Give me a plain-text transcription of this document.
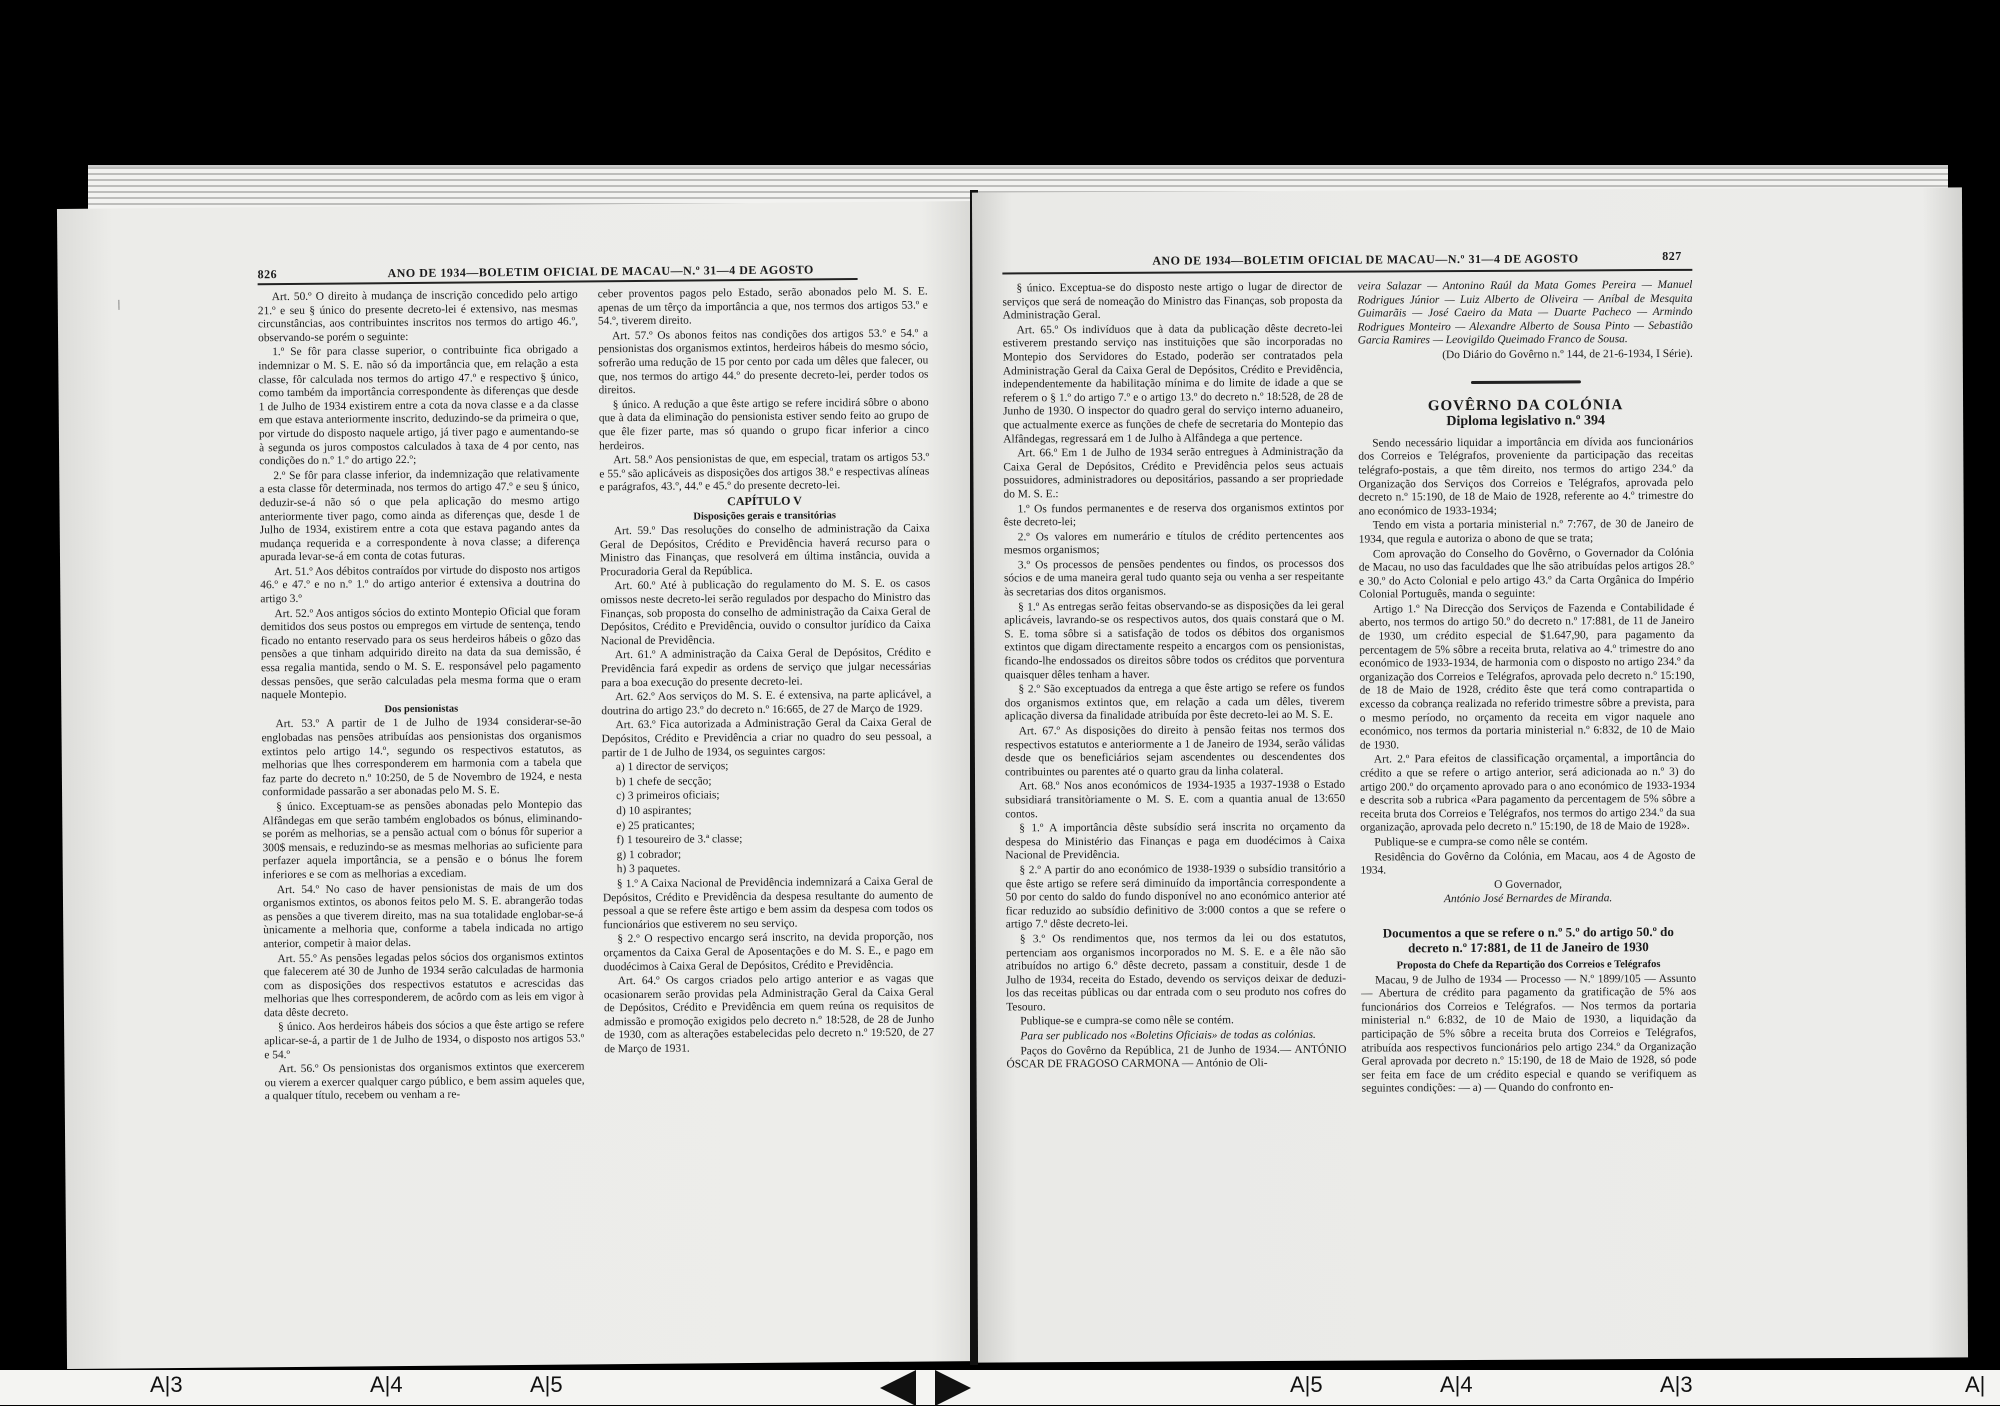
826	ANO DE 1934—BOLETIM OFICIAL DE MACAU—N.º 31—4 DE AGOSTO
|

Art. 50.º O direito à mudança de inscrição concedido pelo artigo 21.º e seu § único do presente decreto-lei é extensivo, nas mesmas circunstâncias, aos contribuintes inscritos nos termos do artigo 46.º, observando-se porém o seguinte:

1.º Se fôr para classe superior, o contribuinte fica obrigado a indemnizar o M. S. E. não só da importância que, em relação a esta classe, fôr calculada nos termos do artigo 47.º e respectivo § único, como também da importância correspondente às diferenças que desde 1 de Julho de 1934 existirem entre a cota da nova classe e a da classe em que estava anteriormente inscrito, deduzindo-se da primeira o que, por virtude do disposto naquele artigo, já tiver pago e aumentando-se à segunda os juros compostos calculados à taxa de 4 por cento, nas condições do n.º 1.º do artigo 22.º;

2.º Se fôr para classe inferior, da indemnização que relativamente a esta classe fôr determinada, nos termos do artigo 47.º e seu § único, deduzir-se-á não só o que pela aplicação do mesmo artigo anteriormente tiver pago, como ainda as diferenças que, desde 1 de Julho de 1934, existirem entre a cota que estava pagando antes da mudança requerida e a correspondente à nova classe; a diferença apurada levar-se-á em conta de cotas futuras.

Art. 51.º Aos débitos contraídos por virtude do disposto nos artigos 46.º e 47.º e no n.º 1.º do artigo anterior é extensiva a doutrina do artigo 3.º

Art. 52.º Aos antigos sócios do extinto Montepio Oficial que foram demitidos dos seus postos ou empregos em virtude de sentença, tendo ficado no entanto reservado para os seus herdeiros hábeis o gôzo das pensões a que tinham adquirido direito na data da sua demissão, é essa regalia mantida, sendo o M. S. E. responsável pelo pagamento dessas pensões, que serão calculadas pela mesma forma que o eram naquele Montepio.

Dos pensionistas

Art. 53.º A partir de 1 de Julho de 1934 considerar-se-ão englobadas nas pensões atribuídas aos pensionistas dos organismos extintos pelo artigo 14.º, segundo os respectivos estatutos, as melhorias que lhes corresponderem em harmonia com a tabela que faz parte do decreto n.º 10:250, de 5 de Novembro de 1924, e nesta conformidade passarão a ser abonadas pelo M. S. E.

§ único. Exceptuam-se as pensões abonadas pelo Montepio das Alfândegas em que serão também englobados os bónus, eliminando-se porém as melhorias, se a pensão actual com o bónus fôr superior a 300$ mensais, e reduzindo-se as mesmas melhorias ao suficiente para perfazer aquela importância, se a pensão e o bónus lhe forem inferiores e se com as melhorias a excediam.

Art. 54.º No caso de haver pensionistas de mais de um dos organismos extintos, os abonos feitos pelo M. S. E. abrangerão todas as pensões a que tiverem direito, mas na sua totalidade englobar-se-á ùnicamente a melhoria que, conforme a tabela indicada no artigo anterior, competir à maior delas.

Art. 55.º As pensões legadas pelos sócios dos organismos extintos que falecerem até 30 de Junho de 1934 serão calculadas de harmonia com as disposições dos respectivos estatutos e acrescidas das melhorias que lhes corresponderem, de acôrdo com as leis em vigor à data dêste decreto.

§ único. Aos herdeiros hábeis dos sócios a que êste artigo se refere aplicar-se-á, a partir de 1 de Julho de 1934, o disposto nos artigos 53.º e 54.º

Art. 56.º Os pensionistas dos organismos extintos que exercerem ou vierem a exercer qualquer cargo público, e bem assim aqueles que, a qualquer título, recebem ou venham a re-

ceber proventos pagos pelo Estado, serão abonados pelo M. S. E. apenas de um têrço da importância a que, nos termos dos artigos 53.º e 54.º, tiverem direito.

Art. 57.º Os abonos feitos nas condições dos artigos 53.º e 54.º a pensionistas dos organismos extintos, herdeiros hábeis do mesmo sócio, sofrerão uma redução de 15 por cento por cada um dêles que falecer, ou que, nos termos do artigo 44.º do presente decreto-lei, perder todos os direitos.

§ único. A redução a que êste artigo se refere incidirá sôbre o abono que à data da eliminação do pensionista estiver sendo feito ao grupo de que êle fizer parte, mas só quando o grupo ficar inferior a cinco herdeiros.

Art. 58.º Aos pensionistas de que, em especial, tratam os artigos 53.º e 55.º são aplicáveis as disposições dos artigos 38.º e respectivas alíneas e parágrafos, 43.º, 44.º e 45.º do presente decreto-lei.

CAPÍTULO V

Disposições gerais e transitórias

Art. 59.º Das resoluções do conselho de administração da Caixa Geral de Depósitos, Crédito e Previdência haverá recurso para o Ministro das Finanças, que resolverá em última instância, ouvida a Procuradoria Geral da República.

Art. 60.º Até à publicação do regulamento do M. S. E. os casos omissos neste decreto-lei serão regulados por despacho do Ministro das Finanças, sob proposta do conselho de administração da Caixa Geral de Depósitos, Crédito e Previdência, ouvido o consultor jurídico da Caixa Nacional de Previdência.

Art. 61.º A administração da Caixa Geral de Depósitos, Crédito e Previdência fará expedir as ordens de serviço que julgar necessárias para a boa execução do presente decreto-lei.

Art. 62.º Aos serviços do M. S. E. é extensiva, na parte aplicável, a doutrina do artigo 23.º do decreto n.º 16:665, de 27 de Março de 1929.

Art. 63.º Fica autorizada a Administração Geral da Caixa Geral de Depósitos, Crédito e Previdência a criar no quadro do seu pessoal, a partir de 1 de Julho de 1934, os seguintes cargos:

a) 1 director de serviços;

b) 1 chefe de secção;

c) 3 primeiros oficiais;

d) 10 aspirantes;

e) 25 praticantes;

f) 1 tesoureiro de 3.ª classe;

g) 1 cobrador;

h) 3 paquetes.

§ 1.º A Caixa Nacional de Previdência indemnizará a Caixa Geral de Depósitos, Crédito e Previdência da despesa resultante do aumento de pessoal a que se refere êste artigo e bem assim da despesa com todos os funcionários que estiverem no seu serviço.

§ 2.º O respectivo encargo será inscrito, na devida proporção, nos orçamentos da Caixa Geral de Aposentações e do M. S. E., e pago em duodécimos à Caixa Geral de Depósitos, Crédito e Previdência.

Art. 64.º Os cargos criados pelo artigo anterior e as vagas que ocasionarem serão providas pela Administração Geral da Caixa Geral de Depósitos, Crédito e Previdência em quem reúna os requisitos de admissão e promoção exigidos pelo decreto n.º 18:528, de 28 de Junho de 1930, com as alterações estabelecidas pelo decreto n.º 19:520, de 27 de Março de 1931.

ANO DE 1934—BOLETIM OFICIAL DE MACAU—N.º 31—4 DE AGOSTO	827

§ único. Exceptua-se do disposto neste artigo o lugar de director de serviços que será de nomeação do Ministro das Finanças, sob proposta da Administração Geral.

Art. 65.º Os indivíduos que à data da publicação dêste decreto-lei estiverem prestando serviço nas instituições que são incorporadas no Montepio dos Servidores do Estado, poderão ser contratados pela Administração Geral da Caixa Geral de Depósitos, Crédito e Previdência, independentemente da habilitação mínima e do limite de idade a que se referem o § 1.º do artigo 7.º e o artigo 13.º do decreto n.º 18:528, de 28 de Junho de 1930. O inspector do quadro geral do serviço interno aduaneiro, que actualmente exerce as funções de chefe de secretaria do Montepio das Alfândegas, regressará em 1 de Julho à Alfândega a que pertence.

Art. 66.º Em 1 de Julho de 1934 serão entregues à Administração da Caixa Geral de Depósitos, Crédito e Previdência pelos seus actuais possuidores, administradores ou depositários, passando a ser propriedade do M. S. E.:

1.º Os fundos permanentes e de reserva dos organismos extintos por êste decreto-lei;

2.º Os valores em numerário e títulos de crédito pertencentes aos mesmos organismos;

3.º Os processos de pensões pendentes ou findos, os processos dos sócios e de uma maneira geral tudo quanto seja ou venha a ser respeitante às secretarias dos ditos organismos.

§ 1.º As entregas serão feitas observando-se as disposições da lei geral aplicáveis, lavrando-se os respectivos autos, dos quais constará que o M. S. E. toma sôbre si a satisfação de todos os débitos dos organismos extintos que digam directamente respeito a encargos com os pensionistas, ficando-lhe endossados os direitos sôbre todos os créditos que porventura quaisquer dêles tenham a haver.

§ 2.º São exceptuados da entrega a que êste artigo se refere os fundos dos organismos extintos que, em relação a cada um dêles, tiverem aplicação diversa da finalidade atribuída por êste decreto-lei ao M. S. E.

Art. 67.º As disposições do direito à pensão feitas nos termos dos respectivos estatutos e anteriormente a 1 de Janeiro de 1934, serão válidas desde que os beneficiários sejam ascendentes ou descendentes dos contribuintes ou parentes até o quarto grau da linha colateral.

Art. 68.º Nos anos económicos de 1934-1935 a 1937-1938 o Estado subsidiará transitòriamente o M. S. E. com a quantia anual de 13:650 contos.

§ 1.º A importância dêste subsídio será inscrita no orçamento da despesa do Ministério das Finanças e paga em duodécimos à Caixa Nacional de Previdência.

§ 2.º A partir do ano económico de 1938-1939 o subsídio transitório a que êste artigo se refere será diminuído da importância correspondente a 50 por cento do saldo do fundo disponível no ano económico anterior até ficar reduzido ao subsídio definitivo de 3:000 contos a que se refere o artigo 7.º dêste decreto-lei.

§ 3.º Os rendimentos que, nos termos da lei ou dos estatutos, pertenciam aos organismos incorporados no M. S. E. e a êle não são atribuídos no artigo 6.º dêste decreto, passam a constituir, desde 1 de Julho de 1934, receita do Estado, devendo os serviços deixar de deduzi-los das receitas públicas ou dar entrada com o seu produto nos cofres do Tesouro.

Publique-se e cumpra-se como nêle se contém.

Para ser publicado nos «Boletins Oficiais» de todas as colónias.

Paços do Govêrno da República, 21 de Junho de 1934.— ANTÓNIO ÓSCAR DE FRAGOSO CARMONA — António de Oli-

veira Salazar — Antonino Raúl da Mata Gomes Pereira — Manuel Rodrigues Júnior — Luiz Alberto de Oliveira — Aníbal de Mesquita Guimarãis — José Caeiro da Mata — Duarte Pacheco — Armindo Rodrigues Monteiro — Alexandre Alberto de Sousa Pinto — Sebastião Garcia Ramires — Leovigildo Queimado Franco de Sousa.

(Do Diário do Govêrno n.º 144, de 21-6-1934, I Série).

GOVÊRNO DA COLÓNIA
Diploma legislativo n.º 394

Sendo necessário liquidar a importância em dívida aos funcionários dos Correios e Telégrafos, proveniente da participação das receitas telégrafo-postais, a que têm direito, nos termos do artigo 234.º da Organização dos Serviços dos Correios e Telégrafos, aprovada pelo decreto n.º 15:190, de 18 de Maio de 1928, referente ao 4.º trimestre do ano económico de 1933-1934;

Tendo em vista a portaria ministerial n.º 7:767, de 30 de Janeiro de 1934, que regula e autoriza o abono de que se trata;

Com aprovação do Conselho do Govêrno, o Governador da Colónia de Macau, no uso das faculdades que lhe são atribuídas pelos artigos 28.º e 30.º do Acto Colonial e pelo artigo 43.º da Carta Orgânica do Império Colonial Português, manda o seguinte:

Artigo 1.º Na Direcção dos Serviços de Fazenda e Contabilidade é aberto, nos termos do artigo 50.º do decreto n.º 17:881, de 11 de Janeiro de 1930, um crédito especial de $1.647,90, para pagamento da percentagem de 5% sôbre a receita bruta, relativa ao 4.º trimestre do ano económico de 1933-1934, de harmonia com o disposto no artigo 234.º da organização dos Correios e Telégrafos, aprovada pelo decreto n.º 15:190, de 18 de Maio de 1928, crédito êste que terá como contrapartida o excesso da cobrança realizada no referido trimestre sôbre a prevista, para o mesmo período, no orçamento da receita em vigor naquele ano económico, nos termos da portaria ministerial n.º 6:832, de 10 de Maio de 1930.

Art. 2.º Para efeitos de classificação orçamental, a importância do crédito a que se refere o artigo anterior, será adicionada ao n.º 3) do artigo 200.º do orçamento aprovado para o ano económico de 1933-1934 e descrita sob a rubrica «Para pagamento da percentagem de 5% sôbre a receita bruta dos Correios e Telégrafos, nos termos do artigo 234.º da sua organização, aprovada pelo decreto n.º 15:190, de 18 de Maio de 1928».

Publique-se e cumpra-se como nêle se contém.

Residência do Govêrno da Colónia, em Macau, aos 4 de Agosto de 1934.

O Governador,

António José Bernardes de Miranda.

Documentos a que se refere o n.º 5.º do artigo 50.º do decreto n.º 17:881, de 11 de Janeiro de 1930

Proposta do Chefe da Repartição dos Correios e Telégrafos

Macau, 9 de Julho de 1934 — Processo — N.º 1899/105 — Assunto — Abertura de crédito para pagamento da gratificação de 5% aos funcionários dos Correios e Telégrafos. — Nos termos da portaria ministerial n.º 6:832, de 10 de Maio de 1930, a liquidação da participação de 5% sôbre a receita bruta dos Correios e Telégrafos, atribuída aos respectivos funcionários pelo artigo 234.º da Organização Geral aprovada por decreto n.º 15:190, de 18 de Maio de 1928, só pode ser feita em face de um crédito especial e quando se verifiquem as seguintes condições: — a) — Quando do confronto en-

A|3	A|4	A|5	A|5	A|4	A|3	A|
